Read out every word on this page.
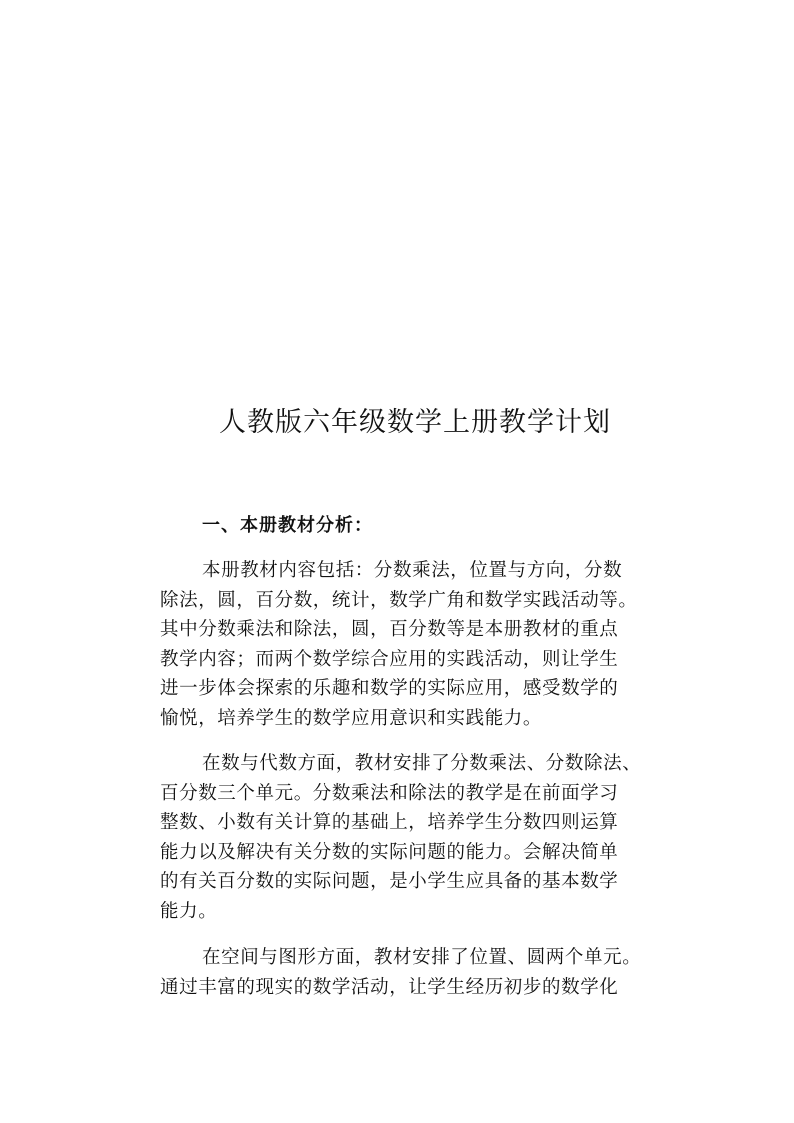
人教版六年级数学上册教学计划
一、本册教材分析：
本册教材内容包括：分数乘法，位置与方向，分数
除法，圆，百分数，统计，数学广角和数学实践活动等。
其中分数乘法和除法，圆，百分数等是本册教材的重点
教学内容；而两个数学综合应用的实践活动，则让学生
进一步体会探索的乐趣和数学的实际应用，感受数学的
愉悦，培养学生的数学应用意识和实践能力。
在数与代数方面，教材安排了分数乘法、分数除法、
百分数三个单元。分数乘法和除法的教学是在前面学习
整数、小数有关计算的基础上，培养学生分数四则运算
能力以及解决有关分数的实际问题的能力。会解决简单
的有关百分数的实际问题，是小学生应具备的基本数学
能力。
在空间与图形方面，教材安排了位置、圆两个单元。
通过丰富的现实的数学活动，让学生经历初步的数学化
